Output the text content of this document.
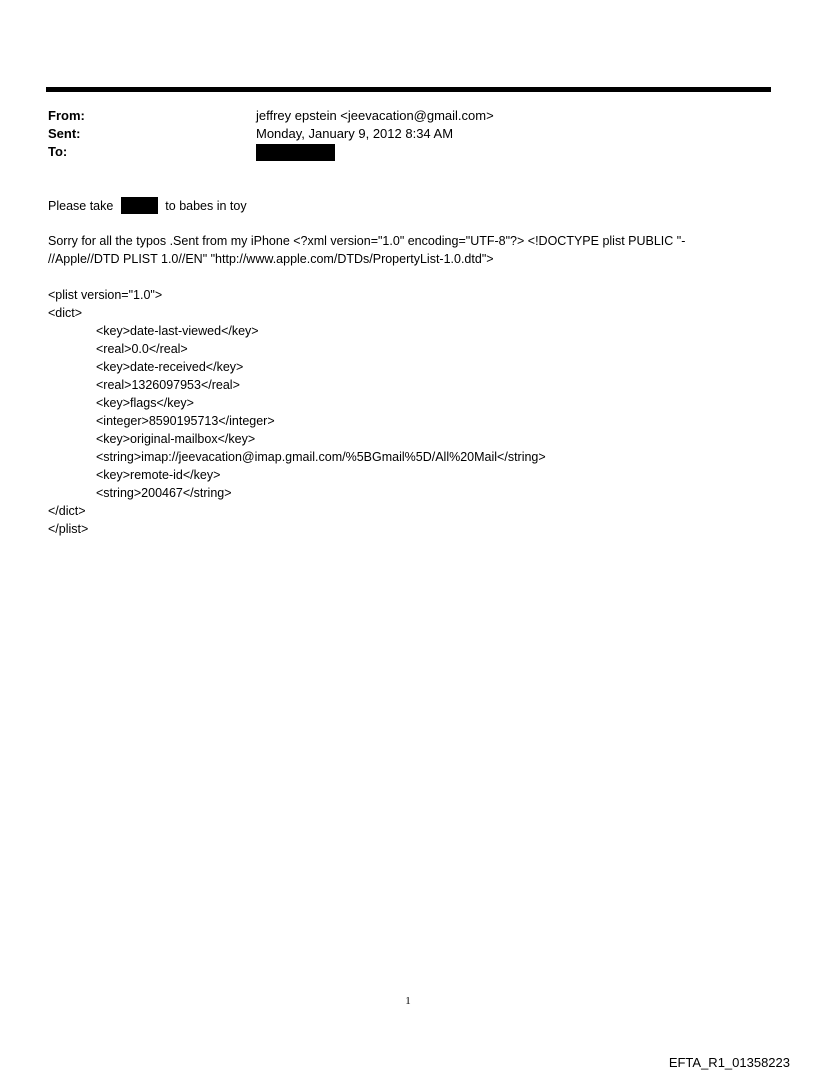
From:	jeffrey epstein <jeevacation@gmail.com>
Sent:	Monday, January 9, 2012 8:34 AM
To:
Please take	to babes in toy
Sorry for all the typos .Sent from my iPhone <?xml version="1.0" encoding="UTF-8"?> <!DOCTYPE plist PUBLIC "-
//Apple//DTD PLIST 1.0//EN" "http://www.apple.com/DTDs/PropertyList-1.0.dtd">
<plist version="1.0">
<dict>
<key>date-last-viewed</key>
<real>0.0</real>
<key>date-received</key>
<real>1326097953</real>
<key>flags</key>
<integer>8590195713</integer>
<key>original-mailbox</key>
<string>imap://jeevacation@imap.gmail.com/%5BGmail%5D/All%20Mail</string>
<key>remote-id</key>
<string>200467</string>
</dict>
</plist>
1
EFTA_R1_01358223
